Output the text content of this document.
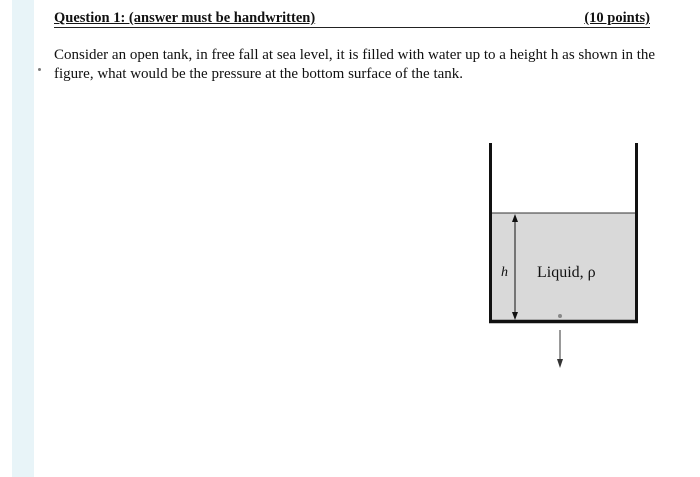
Question 1: (answer must be handwritten)	(10 points)

Consider an open tank, in free fall at sea level, it is filled with water up to a height h as shown in the figure, what would be the pressure at the bottom surface of the tank.

h Liquid, ρ
